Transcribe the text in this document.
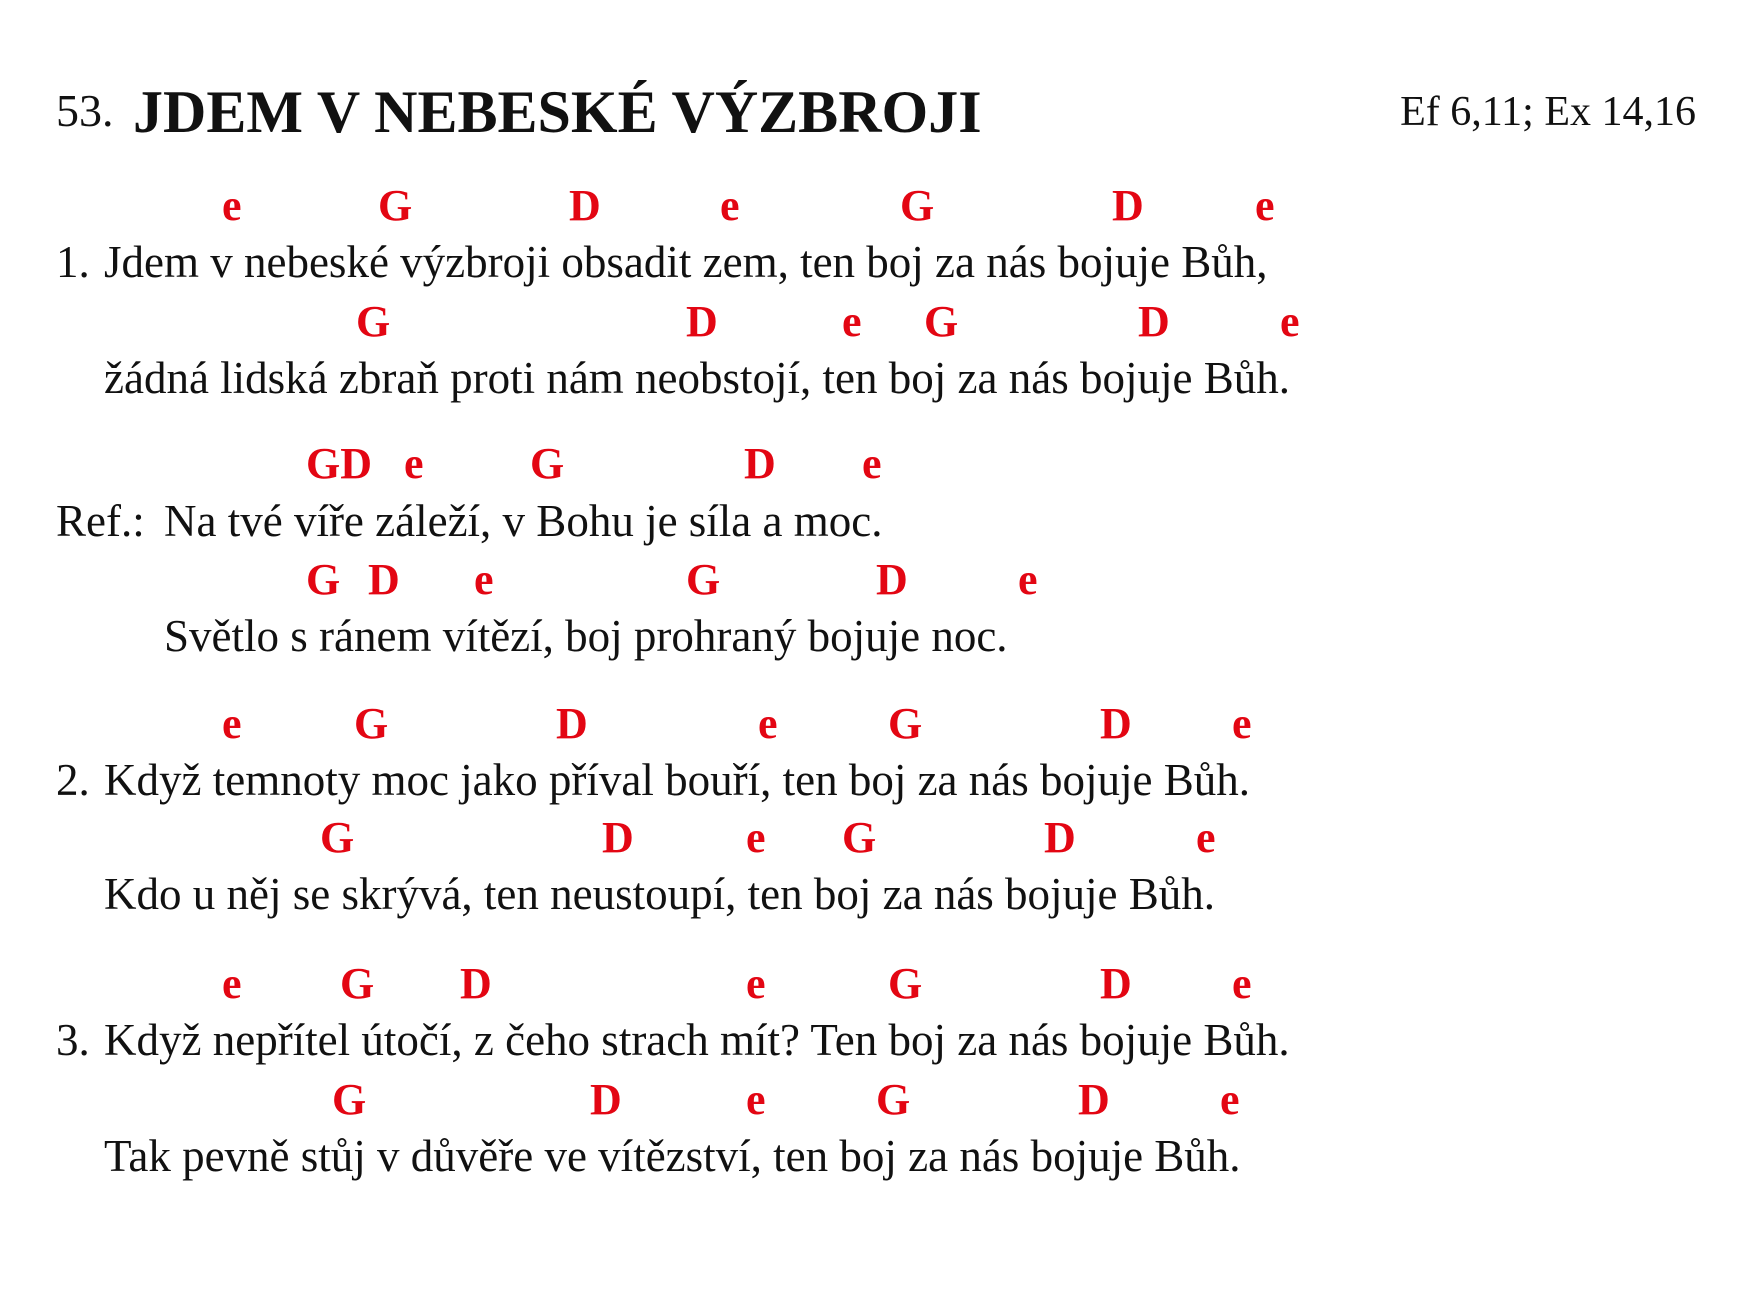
53. JDEM V NEBESKÉ VÝZBROJI	Ef 6,11; Ex 14,16
e	G	D	e	G	D	e
1. Jdem v nebeské výzbroji obsadit zem, ten boj za nás bojuje Bůh,
G	D	e G	D	e
žádná lidská zbraň proti nám neobstojí, ten boj za nás bojuje Bůh.
GD e G	D e
Ref.: Na tvé víře záleží, v Bohu je síla a moc.
G D e	G	D	e
Světlo s ránem vítězí, boj prohraný bojuje noc.
e	G	D	e	G	D e
2. Když temnoty moc jako příval bouří, ten boj za nás bojuje Bůh.
G	D	e G	D	e
Kdo u něj se skrývá, ten neustoupí, ten boj za nás bojuje Bůh.
e G D	e	G	D e
3. Když nepřítel útočí, z čeho strach mít? Ten boj za nás bojuje Bůh.
G	D	e	G	D	e
Tak pevně stůj v důvěře ve vítězství, ten boj za nás bojuje Bůh.
